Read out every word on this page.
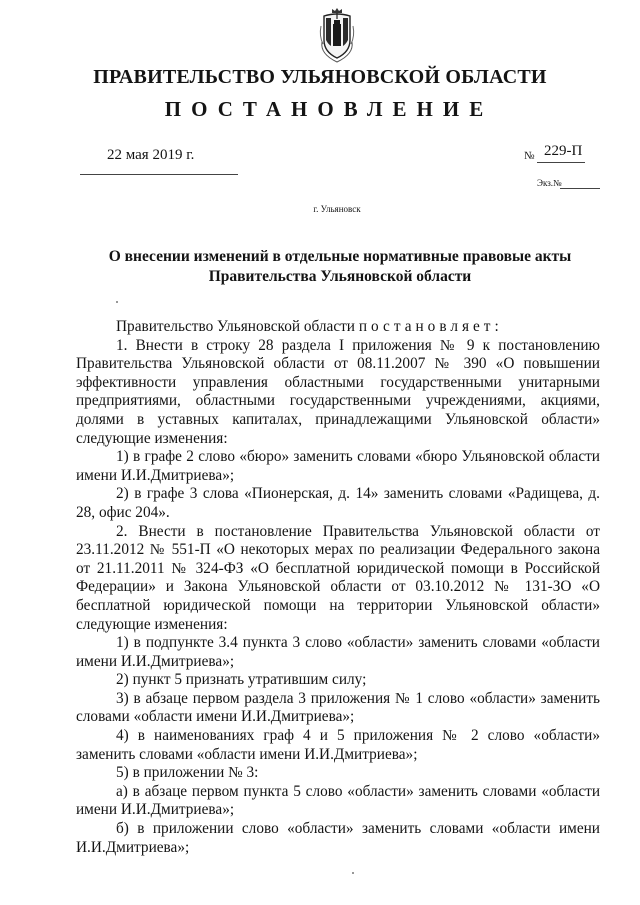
ПРАВИТЕЛЬСТВО УЛЬЯНОВСКОЙ ОБЛАСТИ
ПОСТАНОВЛЕНИЕ
22 мая 2019 г.	№ 229-П
Экз.№
г. Ульяновск
О внесении изменений в отдельные нормативные правовые акты
Правительства Ульяновской области

Правительство Ульяновской области постановляет:

1. Внести в строку 28 раздела I приложения № 9 к постановлению Правительства Ульяновской области от 08.11.2007 № 390 «О повышении эффективности управления областными государственными унитарными предприятиями, областными государственными учреждениями, акциями, долями в уставных капиталах, принадлежащими Ульяновской области» следующие изменения:

1) в графе 2 слово «бюро» заменить словами «бюро Ульяновской области имени И.И.Дмитриева»;

2) в графе 3 слова «Пионерская, д. 14» заменить словами «Радищева, д. 28, офис 204».

2. Внести в постановление Правительства Ульяновской области от 23.11.2012 № 551-П «О некоторых мерах по реализации Федерального закона от 21.11.2011 № 324-ФЗ «О бесплатной юридической помощи в Российской Федерации» и Закона Ульяновской области от 03.10.2012 № 131-ЗО «О бесплатной юридической помощи на территории Ульяновской области» следующие изменения:

1) в подпункте 3.4 пункта 3 слово «области» заменить словами «области имени И.И.Дмитриева»;

2) пункт 5 признать утратившим силу;

3) в абзаце первом раздела 3 приложения № 1 слово «области» заменить словами «области имени И.И.Дмитриева»;

4) в наименованиях граф 4 и 5 приложения № 2 слово «области» заменить словами «области имени И.И.Дмитриева»;

5) в приложении № 3:

а) в абзаце первом пункта 5 слово «области» заменить словами «области имени И.И.Дмитриева»;

б) в приложении слово «области» заменить словами «области имени И.И.Дмитриева»;
